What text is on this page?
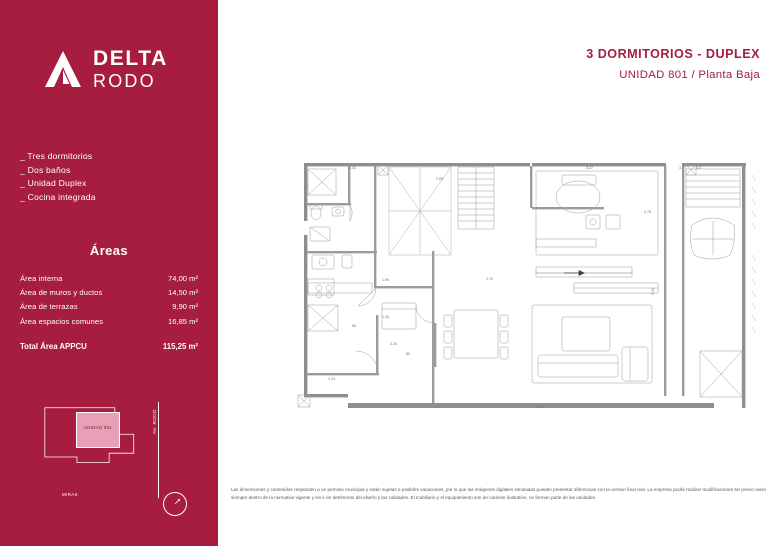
DELTA
RODO
_ Tres dormitorios
_ Dos baños
_ Unidad Duplex
_ Cocina integrada
Áreas
Área interna	74,00 m²
Área de muros y ductos	14,50 m²
Área de terrazas	9,90 m²
Área espacios comunes	16,85 m²
Total Área APPCU	115,25 m²
UNIDAD 801	AV. RODÓ
MIRAS
3 DORMITORIOS - DUPLEX
UNIDAD 801 / Planta Baja
1.32	3.37
2.65
2.70
1.90	1.70
1.15
3.35
80
60
1.24
7.93
5.43
3.3	3.3
Las dimensiones y contenidos responden a un permiso municipal y están sujetas a posibles variaciones, por lo que las imágenes digitales simuladas pueden presentar diferencias con la version final real. La empresa podrá realizar modificaciones sin previo aviso siempre dentro de la normativa vigente y sin ir en detrimento del diseño y las calidades. El mobiliario y el equipamiento son de carácter ilustrativo, no forman parte de las unidades.
